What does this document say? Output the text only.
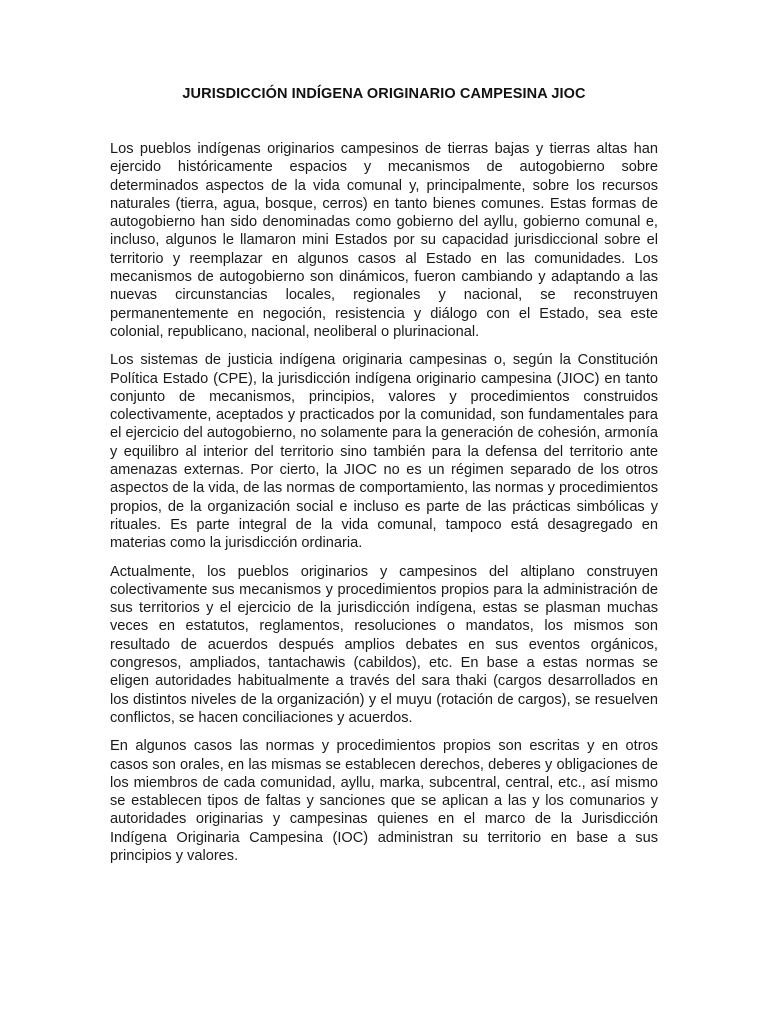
JURISDICCIÓN INDÍGENA ORIGINARIO CAMPESINA JIOC

Los pueblos indígenas originarios campesinos de tierras bajas y tierras altas han ejercido históricamente espacios y mecanismos de autogobierno sobre determinados aspectos de la vida comunal y, principalmente, sobre los recursos naturales (tierra, agua, bosque, cerros) en tanto bienes comunes. Estas formas de autogobierno han sido denominadas como gobierno del ayllu, gobierno comunal e, incluso, algunos le llamaron mini Estados por su capacidad jurisdiccional sobre el territorio y reemplazar en algunos casos al Estado en las comunidades. Los mecanismos de autogobierno son dinámicos, fueron cambiando y adaptando a las nuevas circunstancias locales, regionales y nacional, se reconstruyen permanentemente en negoción, resistencia y diálogo con el Estado, sea este colonial, republicano, nacional, neoliberal o plurinacional.

Los sistemas de justicia indígena originaria campesinas o, según la Constitución Política Estado (CPE), la jurisdicción indígena originario campesina (JIOC) en tanto conjunto de mecanismos, principios, valores y procedimientos construidos colectivamente, aceptados y practicados por la comunidad, son fundamentales para el ejercicio del autogobierno, no solamente para la generación de cohesión, armonía y equilibro al interior del territorio sino también para la defensa del territorio ante amenazas externas. Por cierto, la JIOC no es un régimen separado de los otros aspectos de la vida, de las normas de comportamiento, las normas y procedimientos propios, de la organización social e incluso es parte de las prácticas simbólicas y rituales. Es parte integral de la vida comunal, tampoco está desagregado en materias como la jurisdicción ordinaria.

Actualmente, los pueblos originarios y campesinos del altiplano construyen colectivamente sus mecanismos y procedimientos propios para la administración de sus territorios y el ejercicio de la jurisdicción indígena, estas se plasman muchas veces en estatutos, reglamentos, resoluciones o mandatos, los mismos son resultado de acuerdos después amplios debates en sus eventos orgánicos, congresos, ampliados, tantachawis (cabildos), etc. En base a estas normas se eligen autoridades habitualmente a través del sara thaki (cargos desarrollados en los distintos niveles de la organización) y el muyu (rotación de cargos), se resuelven conflictos, se hacen conciliaciones y acuerdos.

En algunos casos las normas y procedimientos propios son escritas y en otros casos son orales, en las mismas se establecen derechos, deberes y obligaciones de los miembros de cada comunidad, ayllu, marka, subcentral, central, etc., así mismo se establecen tipos de faltas y sanciones que se aplican a las y los comunarios y autoridades originarias y campesinas quienes en el marco de la Jurisdicción Indígena Originaria Campesina (IOC) administran su territorio en base a sus principios y valores.
